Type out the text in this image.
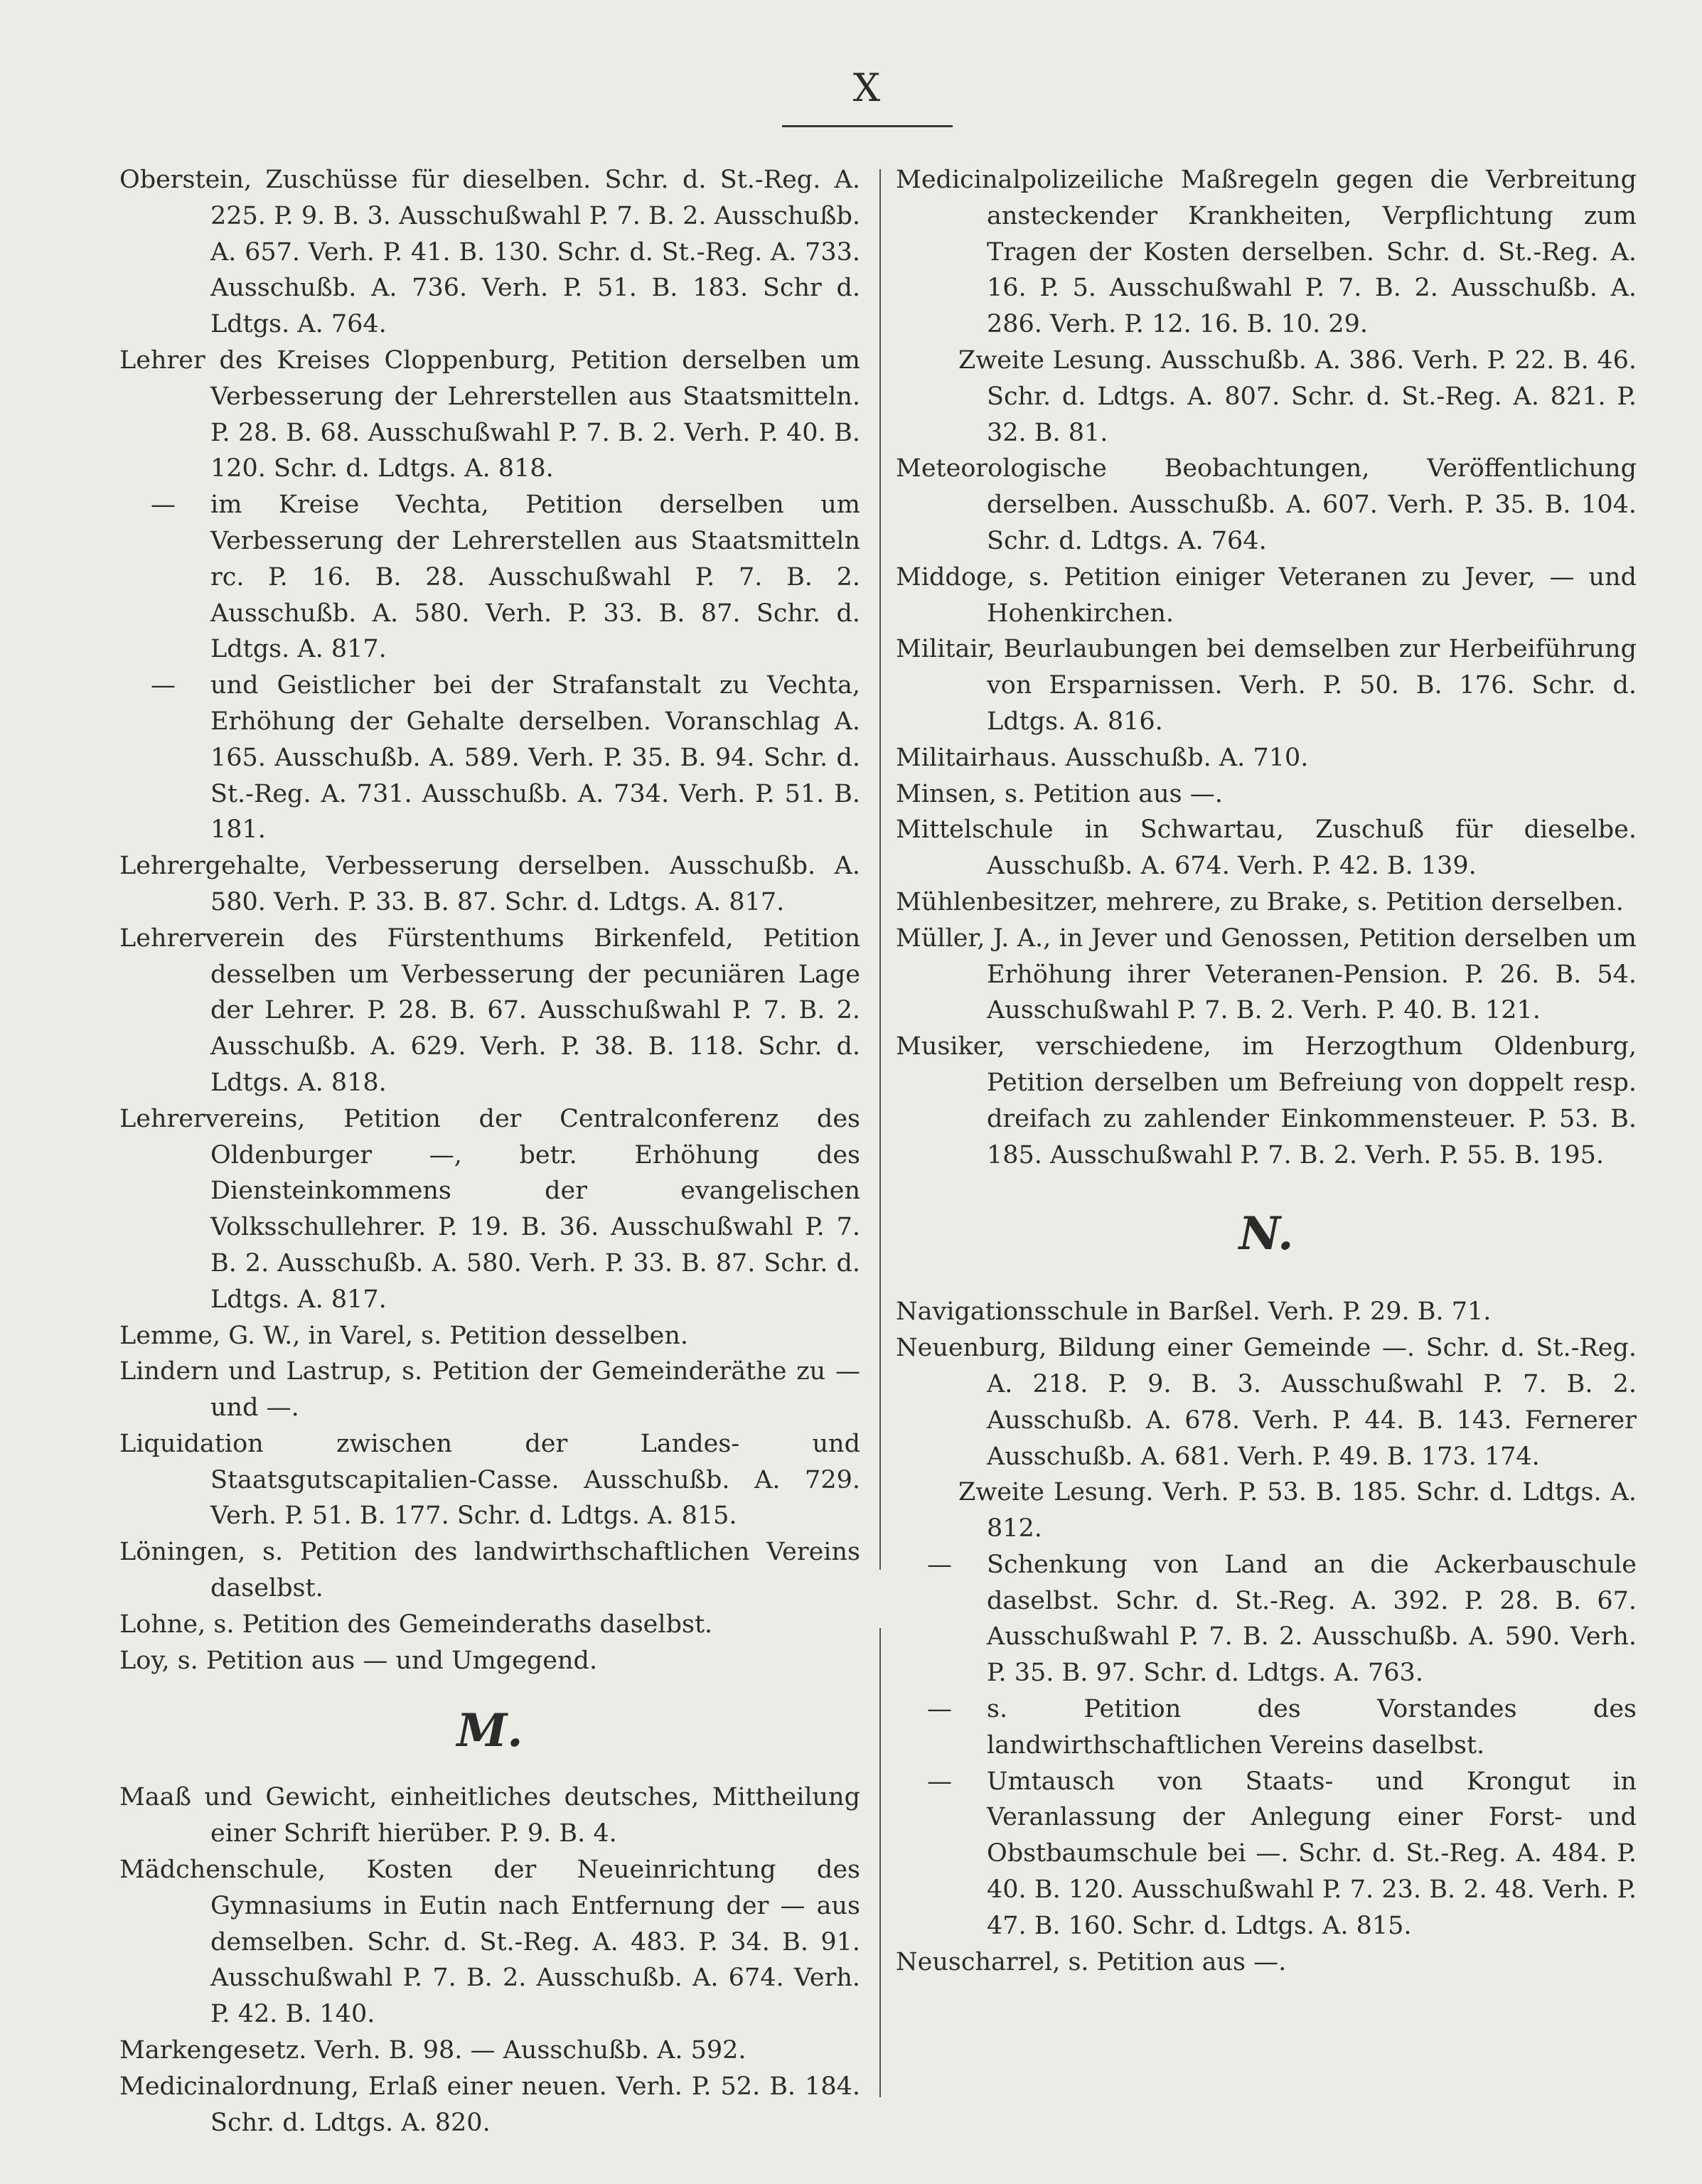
X

Oberstein, Zuschüsse für dieselben. Schr. d. St.-Reg. A. 225. P. 9. B. 3. Ausschußwahl P. 7. B. 2. Ausschußb. A. 657. Verh. P. 41. B. 130. Schr. d. St.-Reg. A. 733. Ausschußb. A. 736. Verh. P. 51. B. 183. Schr d. Ldtgs. A. 764.

Lehrer des Kreises Cloppenburg, Petition derselben um Verbesserung der Lehrerstellen aus Staatsmitteln. P. 28. B. 68. Ausschußwahl P. 7. B. 2. Verh. P. 40. B. 120. Schr. d. Ldtgs. A. 818.

— im Kreise Vechta, Petition derselben um Verbesserung der Lehrerstellen aus Staatsmitteln rc. P. 16. B. 28. Ausschußwahl P. 7. B. 2. Ausschußb. A. 580. Verh. P. 33. B. 87. Schr. d. Ldtgs. A. 817.

— und Geistlicher bei der Strafanstalt zu Vechta, Erhöhung der Gehalte derselben. Voranschlag A. 165. Ausschußb. A. 589. Verh. P. 35. B. 94. Schr. d. St.-Reg. A. 731. Ausschußb. A. 734. Verh. P. 51. B. 181.

Lehrergehalte, Verbesserung derselben. Ausschußb. A. 580. Verh. P. 33. B. 87. Schr. d. Ldtgs. A. 817.

Lehrerverein des Fürstenthums Birkenfeld, Petition desselben um Verbesserung der pecuniären Lage der Lehrer. P. 28. B. 67. Ausschußwahl P. 7. B. 2. Ausschußb. A. 629. Verh. P. 38. B. 118. Schr. d. Ldtgs. A. 818.

Lehrervereins, Petition der Centralconferenz des Oldenburger —, betr. Erhöhung des Diensteinkommens der evangelischen Volksschullehrer. P. 19. B. 36. Ausschußwahl P. 7. B. 2. Ausschußb. A. 580. Verh. P. 33. B. 87. Schr. d. Ldtgs. A. 817.

Lemme, G. W., in Varel, s. Petition desselben.

Lindern und Lastrup, s. Petition der Gemeinderäthe zu — und —.

Liquidation zwischen der Landes- und Staatsgutscapitalien-Casse. Ausschußb. A. 729. Verh. P. 51. B. 177. Schr. d. Ldtgs. A. 815.

Löningen, s. Petition des landwirthschaftlichen Vereins daselbst.

Lohne, s. Petition des Gemeinderaths daselbst.

Loy, s. Petition aus — und Umgegend.

M.

Maaß und Gewicht, einheitliches deutsches, Mittheilung einer Schrift hierüber. P. 9. B. 4.

Mädchenschule, Kosten der Neueinrichtung des Gymnasiums in Eutin nach Entfernung der — aus demselben. Schr. d. St.-Reg. A. 483. P. 34. B. 91. Ausschußwahl P. 7. B. 2. Ausschußb. A. 674. Verh. P. 42. B. 140.

Markengesetz. Verh. B. 98. — Ausschußb. A. 592.

Medicinalordnung, Erlaß einer neuen. Verh. P. 52. B. 184. Schr. d. Ldtgs. A. 820.

Medicinalpolizeiliche Maßregeln gegen die Verbreitung ansteckender Krankheiten, Verpflichtung zum Tragen der Kosten derselben. Schr. d. St.-Reg. A. 16. P. 5. Ausschußwahl P. 7. B. 2. Ausschußb. A. 286. Verh. P. 12. 16. B. 10. 29.

Zweite Lesung. Ausschußb. A. 386. Verh. P. 22. B. 46. Schr. d. Ldtgs. A. 807. Schr. d. St.-Reg. A. 821. P. 32. B. 81.

Meteorologische Beobachtungen, Veröffentlichung derselben. Ausschußb. A. 607. Verh. P. 35. B. 104. Schr. d. Ldtgs. A. 764.

Middoge, s. Petition einiger Veteranen zu Jever, — und Hohenkirchen.

Militair, Beurlaubungen bei demselben zur Herbeiführung von Ersparnissen. Verh. P. 50. B. 176. Schr. d. Ldtgs. A. 816.

Militairhaus. Ausschußb. A. 710.

Minsen, s. Petition aus —.

Mittelschule in Schwartau, Zuschuß für dieselbe. Ausschußb. A. 674. Verh. P. 42. B. 139.

Mühlenbesitzer, mehrere, zu Brake, s. Petition derselben.

Müller, J. A., in Jever und Genossen, Petition derselben um Erhöhung ihrer Veteranen-Pension. P. 26. B. 54. Ausschußwahl P. 7. B. 2. Verh. P. 40. B. 121.

Musiker, verschiedene, im Herzogthum Oldenburg, Petition derselben um Befreiung von doppelt resp. dreifach zu zahlender Einkommensteuer. P. 53. B. 185. Ausschußwahl P. 7. B. 2. Verh. P. 55. B. 195.

N.

Navigationsschule in Barßel. Verh. P. 29. B. 71.

Neuenburg, Bildung einer Gemeinde —. Schr. d. St.-Reg. A. 218. P. 9. B. 3. Ausschußwahl P. 7. B. 2. Ausschußb. A. 678. Verh. P. 44. B. 143. Fernerer Ausschußb. A. 681. Verh. P. 49. B. 173. 174.

Zweite Lesung. Verh. P. 53. B. 185. Schr. d. Ldtgs. A. 812.

— Schenkung von Land an die Ackerbauschule daselbst. Schr. d. St.-Reg. A. 392. P. 28. B. 67. Ausschußwahl P. 7. B. 2. Ausschußb. A. 590. Verh. P. 35. B. 97. Schr. d. Ldtgs. A. 763.

— s. Petition des Vorstandes des landwirthschaftlichen Vereins daselbst.

— Umtausch von Staats- und Krongut in Veranlassung der Anlegung einer Forst- und Obstbaumschule bei —. Schr. d. St.-Reg. A. 484. P. 40. B. 120. Ausschußwahl P. 7. 23. B. 2. 48. Verh. P. 47. B. 160. Schr. d. Ldtgs. A. 815.

Neuscharrel, s. Petition aus —.
